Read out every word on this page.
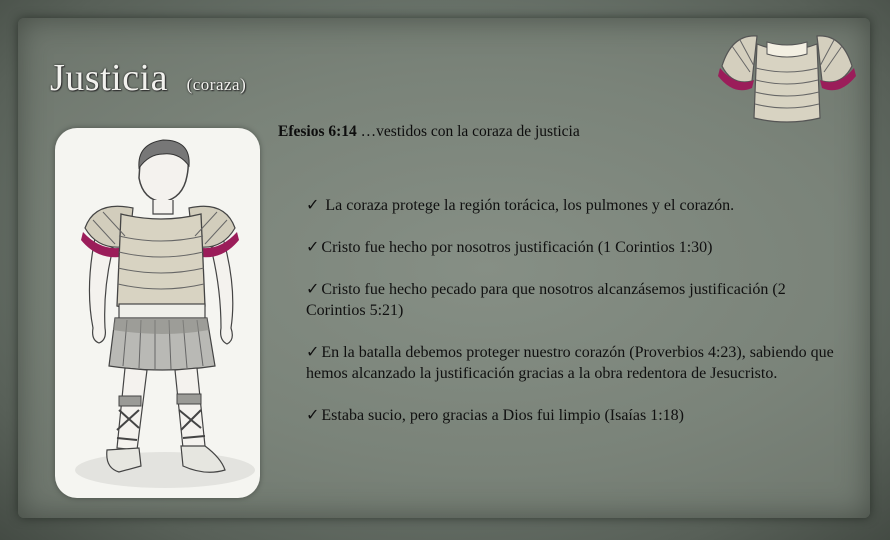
Justicia (coraza)
Efesios 6:14 …vestidos con la coraza de justicia
✓ La coraza protege la región torácica, los pulmones y el corazón.
✓ Cristo fue hecho por nosotros justificación (1 Corintios 1:30)
✓ Cristo fue hecho pecado para que nosotros alcanzásemos justificación (2 Corintios 5:21)
✓ En la batalla debemos proteger nuestro corazón (Proverbios 4:23), sabiendo que hemos alcanzado la justificación gracias a la obra redentora de Jesucristo.
✓ Estaba sucio, pero gracias a Dios fui limpio (Isaías 1:18)
